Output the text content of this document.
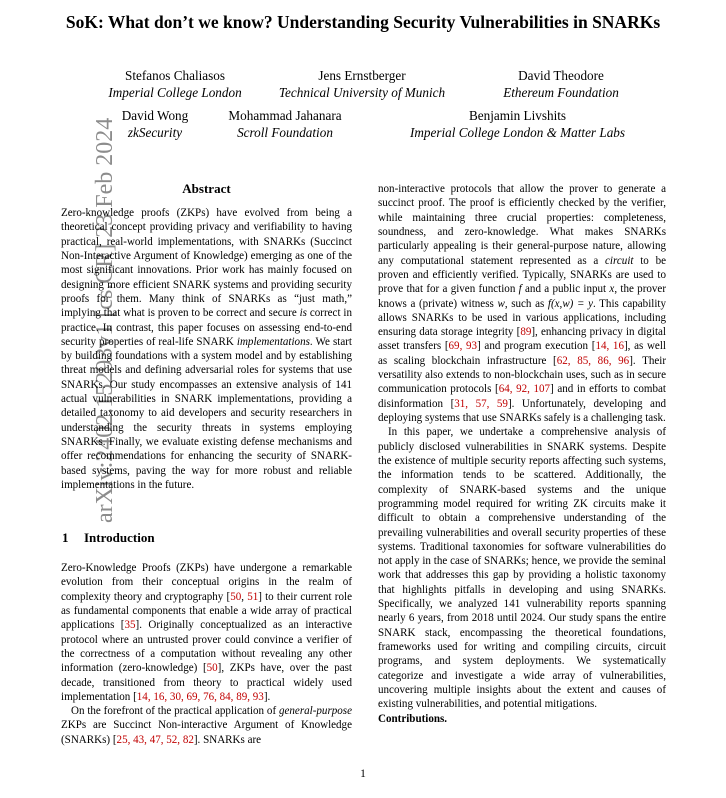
SoK: What don’t we know? Understanding Security Vulnerabilities in SNARKs
Stefanos Chaliasos
Imperial College London
Jens Ernstberger
Technical University of Munich
David Theodore
Ethereum Foundation
David Wong
zkSecurity
Mohammad Jahanara
Scroll Foundation
Benjamin Livshits
Imperial College London & Matter Labs
arXiv:2402.15293v1 [cs.CR] 23 Feb 2024	Abstract

Zero-knowledge proofs (ZKPs) have evolved from being a theoretical concept providing privacy and verifiability to having practical, real-world implementations, with SNARKs (Succinct Non-Interactive Argument of Knowledge) emerging as one of the most significant innovations. Prior work has mainly focused on designing more efficient SNARK systems and providing security proofs for them. Many think of SNARKs as “just math,” implying that what is proven to be correct and secure is correct in practice. In contrast, this paper focuses on assessing end-to-end security properties of real-life SNARK implementations. We start by building foundations with a system model and by establishing threat models and defining adversarial roles for systems that use SNARKs. Our study encompasses an extensive analysis of 141 actual vulnerabilities in SNARK implementations, providing a detailed taxonomy to aid developers and security researchers in understanding the security threats in systems employing SNARKs. Finally, we evaluate existing defense mechanisms and offer recommendations for enhancing the security of SNARK-based systems, paving the way for more robust and reliable implementations in the future.

1 Introduction

Zero-Knowledge Proofs (ZKPs) have undergone a remarkable evolution from their conceptual origins in the realm of complexity theory and cryptography [50, 51] to their current role as fundamental components that enable a wide array of practical applications [35]. Originally conceptualized as an interactive protocol where an untrusted prover could convince a verifier of the correctness of a computation without revealing any other information (zero-knowledge) [50], ZKPs have, over the past decade, transitioned from theory to practical widely used implementation [14, 16, 30, 69, 76, 84, 89, 93].

On the forefront of the practical application of general-purpose ZKPs are Succinct Non-interactive Argument of Knowledge (SNARKs) [25, 43, 47, 52, 82]. SNARKs are

non-interactive protocols that allow the prover to generate a succinct proof. The proof is efficiently checked by the verifier, while maintaining three crucial properties: completeness, soundness, and zero-knowledge. What makes SNARKs particularly appealing is their general-purpose nature, allowing any computational statement represented as a circuit to be proven and efficiently verified. Typically, SNARKs are used to prove that for a given function f and a public input x, the prover knows a (private) witness w, such as f(x,w) = y. This capability allows SNARKs to be used in various applications, including ensuring data storage integrity [89], enhancing privacy in digital asset transfers [69, 93] and program execution [14, 16], as well as scaling blockchain infrastructure [62, 85, 86, 96]. Their versatility also extends to non-blockchain uses, such as in secure communication protocols [64, 92, 107] and in efforts to combat disinformation [31, 57, 59]. Unfortunately, developing and deploying systems that use SNARKs safely is a challenging task.

In this paper, we undertake a comprehensive analysis of publicly disclosed vulnerabilities in SNARK systems. Despite the existence of multiple security reports affecting such systems, the information tends to be scattered. Additionally, the complexity of SNARK-based systems and the unique programming model required for writing ZK circuits make it difficult to obtain a comprehensive understanding of the prevailing vulnerabilities and overall security properties of these systems. Traditional taxonomies for software vulnerabilities do not apply in the case of SNARKs; hence, we provide the seminal work that addresses this gap by providing a holistic taxonomy that highlights pitfalls in developing and using SNARKs. Specifically, we analyzed 141 vulnerability reports spanning nearly 6 years, from 2018 until 2024. Our study spans the entire SNARK stack, encompassing the theoretical foundations, frameworks used for writing and compiling circuits, circuit programs, and system deployments. We systematically categorize and investigate a wide array of vulnerabilities, uncovering multiple insights about the extent and causes of existing vulnerabilities, and potential mitigations.

Contributions.

1
